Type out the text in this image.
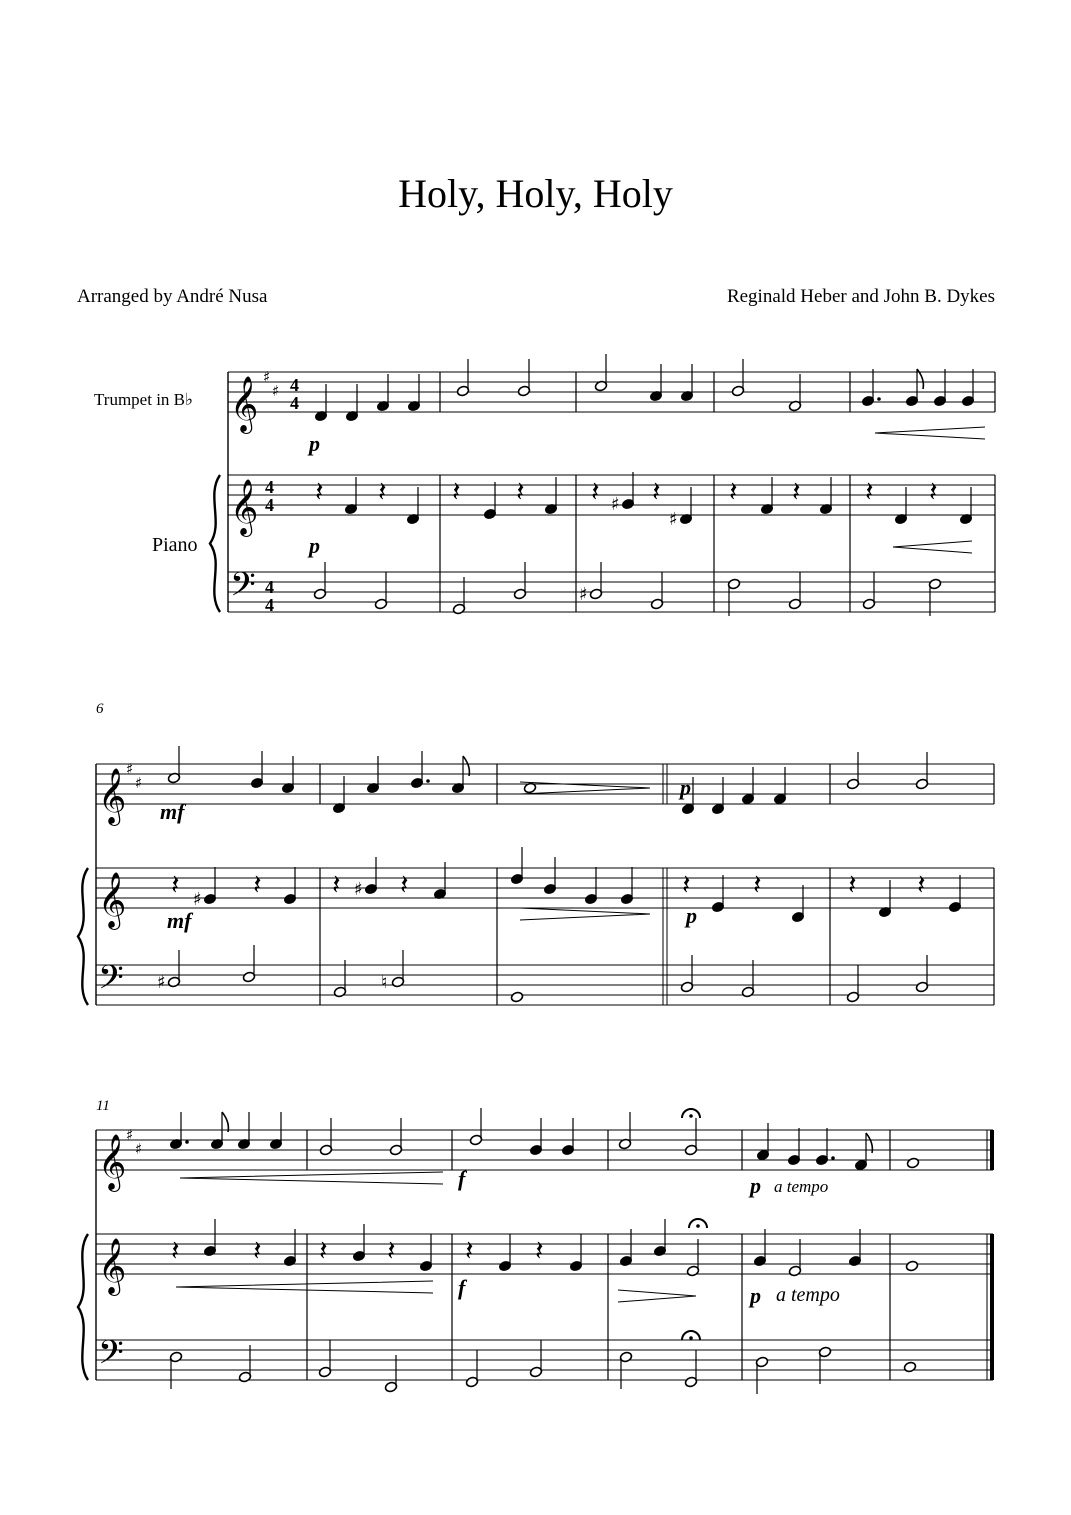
Holy, Holy, Holy
Arranged by André Nusa	Reginald Heber and John B. Dykes
𝄞
𝄞
𝄢
♯
♯
𝄽 𝄽 𝄽 𝄽 𝄽 ♯ 𝄽
♯
𝄽 𝄽 𝄽 𝄽
♯
𝄞
𝄞
𝄢
♯
♯
𝄽 ♯ 𝄽	𝄽 ♯ 𝄽	𝄽 𝄽	𝄽 𝄽
♯	♮
𝄞
𝄞
𝄢
♯
♯
𝄽	𝄽 𝄽 𝄽 𝄽 𝄽
Trumpet in B♭
Piano
4
4
4
4
4
4
6
11
p
p
mf
mf
p
p
f
f
p
p
a tempo
a tempo
